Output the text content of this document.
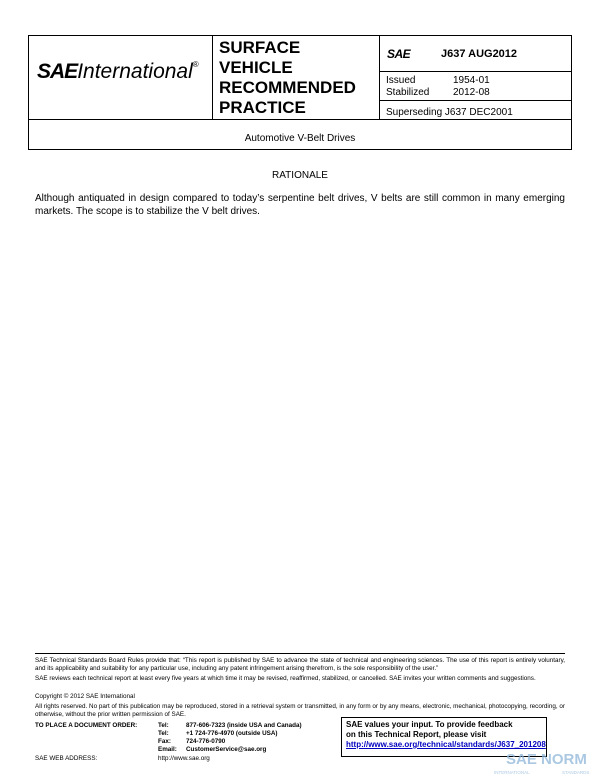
SAEInternational®
SURFACE
VEHICLE
RECOMMENDED
PRACTICE
SAE	J637 AUG2012
Issued	1954-01
Stabilized 2012-08
Superseding J637 DEC2001
Automotive V-Belt Drives
RATIONALE
Although antiquated in design compared to today’s serpentine belt drives, V belts are still common in many emerging markets. The scope is to stabilize the V belt drives.
SAE Technical Standards Board Rules provide that: “This report is published by SAE to advance the state of technical and engineering sciences. The use of this report is entirely voluntary, and its applicability and suitability for any particular use, including any patent infringement arising therefrom, is the sole responsibility of the user.”
SAE reviews each technical report at least every five years at which time it may be revised, reaffirmed, stabilized, or cancelled. SAE invites your written comments and suggestions.
Copyright © 2012 SAE International
All rights reserved. No part of this publication may be reproduced, stored in a retrieval system or transmitted, in any form or by any means, electronic, mechanical, photocopying, recording, or otherwise, without the prior written permission of SAE.
TO PLACE A DOCUMENT ORDER:	Tel:	877-606-7323 (inside USA and Canada)
Tel:	+1 724-776-4970 (outside USA)
Fax: 724-776-0790
Email: CustomerService@sae.org
SAE WEB ADDRESS:	http://www.sae.org
SAE values your input. To provide feedback
on this Technical Report, please visit
http://www.sae.org/technical/standards/J637_201208
SAE NORM
INTERNATIONAL	STANDARDS
